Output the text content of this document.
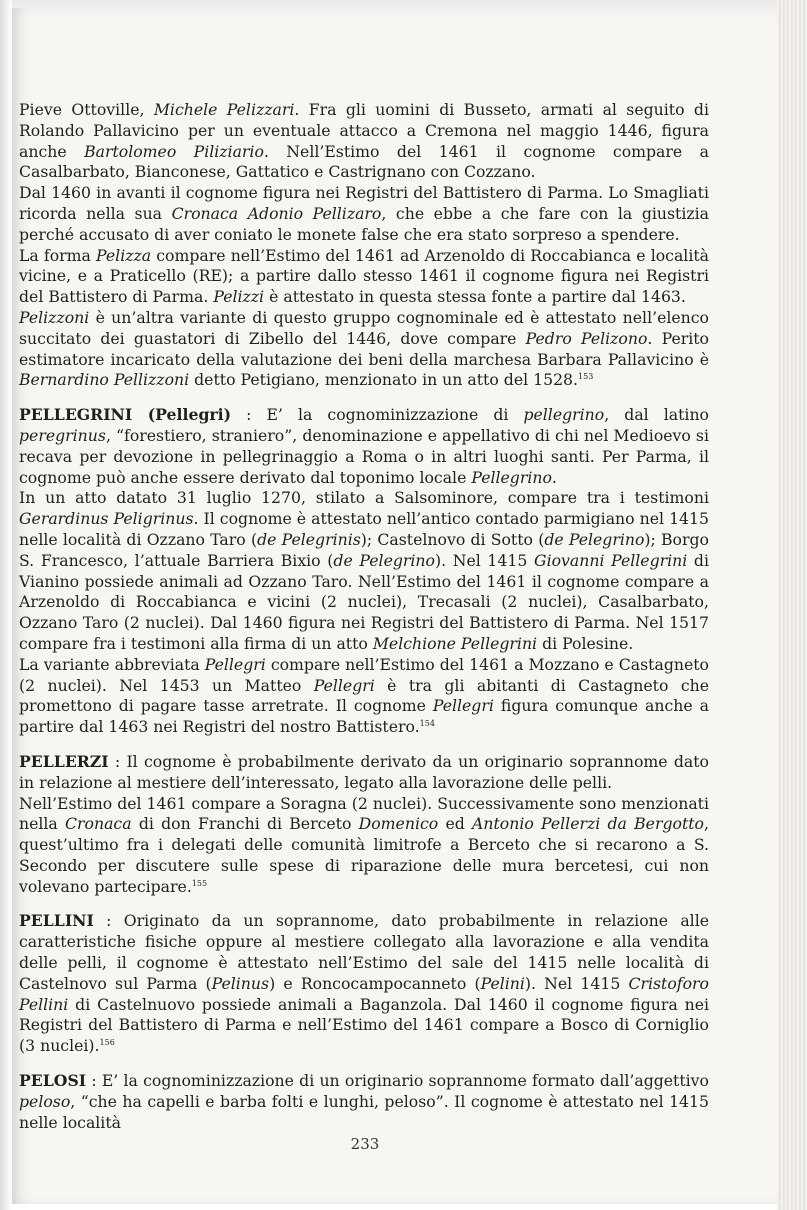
Pieve Ottoville, Michele Pelizzari. Fra gli uomini di Busseto, armati al seguito di Rolando Pallavicino per un eventuale attacco a Cremona nel maggio 1446, figura anche Bartolomeo Piliziario. Nell’Estimo del 1461 il cognome compare a Casalbarbato, Bianconese, Gattatico e Castrignano con Cozzano.

Dal 1460 in avanti il cognome figura nei Registri del Battistero di Parma. Lo Smagliati ricorda nella sua Cronaca Adonio Pellizaro, che ebbe a che fare con la giustizia perché accusato di aver coniato le monete false che era stato sorpreso a spendere.

La forma Pelizza compare nell’Estimo del 1461 ad Arzenoldo di Roccabianca e località vicine, e a Praticello (RE); a partire dallo stesso 1461 il cognome figura nei Registri del Battistero di Parma. Pelizzi è attestato in questa stessa fonte a partire dal 1463.

Pelizzoni è un’altra variante di questo gruppo cognominale ed è attestato nell’elenco succitato dei guastatori di Zibello del 1446, dove compare Pedro Pelizono. Perito estimatore incaricato della valutazione dei beni della marchesa Barbara Pallavicino è Bernardino Pellizzoni detto Petigiano, menzionato in un atto del 1528.$^{153}$

PELLEGRINI (Pellegri) : E’ la cognominizzazione di pellegrino, dal latino peregrinus, “forestiero, straniero”, denominazione e appellativo di chi nel Medioevo si recava per devozione in pellegrinaggio a Roma o in altri luoghi santi. Per Parma, il cognome può anche essere derivato dal toponimo locale Pellegrino.

In un atto datato 31 luglio 1270, stilato a Salsominore, compare tra i testimoni Gerardinus Peligrinus. Il cognome è attestato nell’antico contado parmigiano nel 1415 nelle località di Ozzano Taro (de Pelegrinis); Castelnovo di Sotto (de Pelegrino); Borgo S. Francesco, l’attuale Barriera Bixio (de Pelegrino). Nel 1415 Giovanni Pellegrini di Vianino possiede animali ad Ozzano Taro. Nell’Estimo del 1461 il cognome compare a Arzenoldo di Roccabianca e vicini (2 nuclei), Trecasali (2 nuclei), Casalbarbato, Ozzano Taro (2 nuclei). Dal 1460 figura nei Registri del Battistero di Parma. Nel 1517 compare fra i testimoni alla firma di un atto Melchione Pellegrini di Polesine.

La variante abbreviata Pellegri compare nell’Estimo del 1461 a Mozzano e Castagneto (2 nuclei). Nel 1453 un Matteo Pellegri è tra gli abitanti di Castagneto che promettono di pagare tasse arretrate. Il cognome Pellegri figura comunque anche a partire dal 1463 nei Registri del nostro Battistero.$^{154}$

PELLERZI : Il cognome è probabilmente derivato da un originario soprannome dato in relazione al mestiere dell’interessato, legato alla lavorazione delle pelli.

Nell’Estimo del 1461 compare a Soragna (2 nuclei). Successivamente sono menzionati nella Cronaca di don Franchi di Berceto Domenico ed Antonio Pellerzi da Bergotto, quest’ultimo fra i delegati delle comunità limitrofe a Berceto che si recarono a S. Secondo per discutere sulle spese di riparazione delle mura bercetesi, cui non volevano partecipare.$^{155}$

PELLINI : Originato da un soprannome, dato probabilmente in relazione alle caratteristiche fisiche oppure al mestiere collegato alla lavorazione e alla vendita delle pelli, il cognome è attestato nell’Estimo del sale del 1415 nelle località di Castelnovo sul Parma (Pelinus) e Roncocampocanneto (Pelini). Nel 1415 Cristoforo Pellini di Castelnuovo possiede animali a Baganzola. Dal 1460 il cognome figura nei Registri del Battistero di Parma e nell’Estimo del 1461 compare a Bosco di Corniglio (3 nuclei).$^{156}$

PELOSI : E’ la cognominizzazione di un originario soprannome formato dall’aggettivo peloso, “che ha capelli e barba folti e lunghi, peloso”. Il cognome è attestato nel 1415 nelle località

233
